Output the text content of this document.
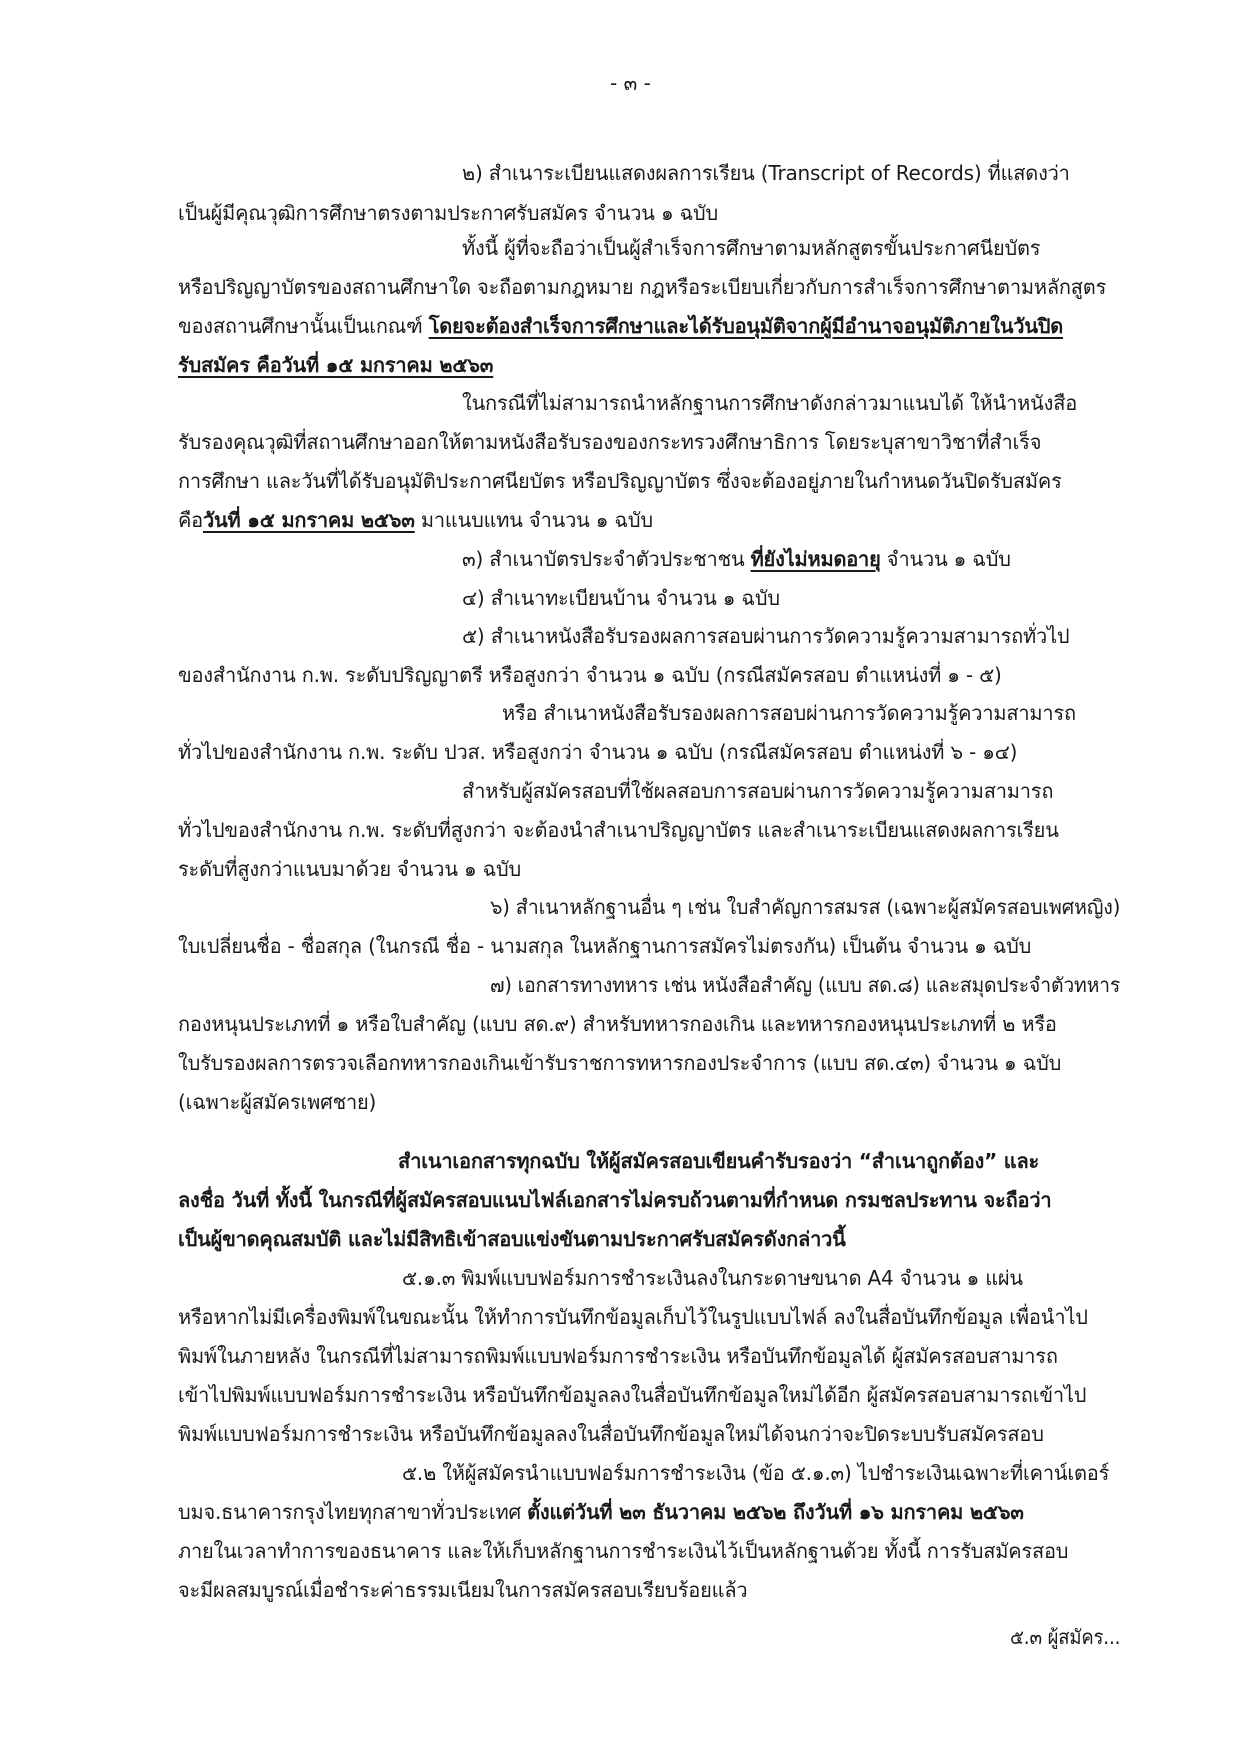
- ๓ -
๒) สำเนาระเบียนแสดงผลการเรียน (Transcript of Records) ที่แสดงว่า
เป็นผู้มีคุณวุฒิการศึกษาตรงตามประกาศรับสมัคร จำนวน ๑ ฉบับ
ทั้งนี้ ผู้ที่จะถือว่าเป็นผู้สำเร็จการศึกษาตามหลักสูตรขั้นประกาศนียบัตร
หรือปริญญาบัตรของสถานศึกษาใด จะถือตามกฎหมาย กฎหรือระเบียบเกี่ยวกับการสำเร็จการศึกษาตามหลักสูตร
ของสถานศึกษานั้นเป็นเกณฑ์ โดยจะต้องสำเร็จการศึกษาและได้รับอนุมัติจากผู้มีอำนาจอนุมัติภายในวันปิด
รับสมัคร คือวันที่ ๑๕ มกราคม ๒๕๖๓
ในกรณีที่ไม่สามารถนำหลักฐานการศึกษาดังกล่าวมาแนบได้ ให้นำหนังสือ
รับรองคุณวุฒิที่สถานศึกษาออกให้ตามหนังสือรับรองของกระทรวงศึกษาธิการ โดยระบุสาขาวิชาที่สำเร็จ
การศึกษา และวันที่ได้รับอนุมัติประกาศนียบัตร หรือปริญญาบัตร ซึ่งจะต้องอยู่ภายในกำหนดวันปิดรับสมัคร
คือวันที่ ๑๕ มกราคม ๒๕๖๓ มาแนบแทน จำนวน ๑ ฉบับ
๓) สำเนาบัตรประจำตัวประชาชน ที่ยังไม่หมดอายุ จำนวน ๑ ฉบับ
๔) สำเนาทะเบียนบ้าน จำนวน ๑ ฉบับ
๕) สำเนาหนังสือรับรองผลการสอบผ่านการวัดความรู้ความสามารถทั่วไป
ของสำนักงาน ก.พ. ระดับปริญญาตรี หรือสูงกว่า จำนวน ๑ ฉบับ (กรณีสมัครสอบ ตำแหน่งที่ ๑ - ๕)
หรือ สำเนาหนังสือรับรองผลการสอบผ่านการวัดความรู้ความสามารถ
ทั่วไปของสำนักงาน ก.พ. ระดับ ปวส. หรือสูงกว่า จำนวน ๑ ฉบับ (กรณีสมัครสอบ ตำแหน่งที่ ๖ - ๑๔)
สำหรับผู้สมัครสอบที่ใช้ผลสอบการสอบผ่านการวัดความรู้ความสามารถ
ทั่วไปของสำนักงาน ก.พ. ระดับที่สูงกว่า จะต้องนำสำเนาปริญญาบัตร และสำเนาระเบียนแสดงผลการเรียน
ระดับที่สูงกว่าแนบมาด้วย จำนวน ๑ ฉบับ
๖) สำเนาหลักฐานอื่น ๆ เช่น ใบสำคัญการสมรส (เฉพาะผู้สมัครสอบเพศหญิง)
ใบเปลี่ยนชื่อ - ชื่อสกุล (ในกรณี ชื่อ - นามสกุล ในหลักฐานการสมัครไม่ตรงกัน) เป็นต้น จำนวน ๑ ฉบับ
๗) เอกสารทางทหาร เช่น หนังสือสำคัญ (แบบ สด.๘) และสมุดประจำตัวทหาร
กองหนุนประเภทที่ ๑ หรือใบสำคัญ (แบบ สด.๙) สำหรับทหารกองเกิน และทหารกองหนุนประเภทที่ ๒ หรือ
ใบรับรองผลการตรวจเลือกทหารกองเกินเข้ารับราชการทหารกองประจำการ (แบบ สด.๔๓) จำนวน ๑ ฉบับ
(เฉพาะผู้สมัครเพศชาย)
สำเนาเอกสารทุกฉบับ ให้ผู้สมัครสอบเขียนคำรับรองว่า “สำเนาถูกต้อง” และ
ลงชื่อ วันที่ ทั้งนี้ ในกรณีที่ผู้สมัครสอบแนบไฟล์เอกสารไม่ครบถ้วนตามที่กำหนด กรมชลประทาน จะถือว่า
เป็นผู้ขาดคุณสมบัติ และไม่มีสิทธิเข้าสอบแข่งขันตามประกาศรับสมัครดังกล่าวนี้
๕.๑.๓ พิมพ์แบบฟอร์มการชำระเงินลงในกระดาษขนาด A4 จำนวน ๑ แผ่น
หรือหากไม่มีเครื่องพิมพ์ในขณะนั้น ให้ทำการบันทึกข้อมูลเก็บไว้ในรูปแบบไฟล์ ลงในสื่อบันทึกข้อมูล เพื่อนำไป
พิมพ์ในภายหลัง ในกรณีที่ไม่สามารถพิมพ์แบบฟอร์มการชำระเงิน หรือบันทึกข้อมูลได้ ผู้สมัครสอบสามารถ
เข้าไปพิมพ์แบบฟอร์มการชำระเงิน หรือบันทึกข้อมูลลงในสื่อบันทึกข้อมูลใหม่ได้อีก ผู้สมัครสอบสามารถเข้าไป
พิมพ์แบบฟอร์มการชำระเงิน หรือบันทึกข้อมูลลงในสื่อบันทึกข้อมูลใหม่ได้จนกว่าจะปิดระบบรับสมัครสอบ
๕.๒ ให้ผู้สมัครนำแบบฟอร์มการชำระเงิน (ข้อ ๕.๑.๓) ไปชำระเงินเฉพาะที่เคาน์เตอร์
บมจ.ธนาคารกรุงไทยทุกสาขาทั่วประเทศ ตั้งแต่วันที่ ๒๓ ธันวาคม ๒๕๖๒ ถึงวันที่ ๑๖ มกราคม ๒๕๖๓
ภายในเวลาทำการของธนาคาร และให้เก็บหลักฐานการชำระเงินไว้เป็นหลักฐานด้วย ทั้งนี้ การรับสมัครสอบ
จะมีผลสมบูรณ์เมื่อชำระค่าธรรมเนียมในการสมัครสอบเรียบร้อยแล้ว
๕.๓ ผู้สมัคร...
